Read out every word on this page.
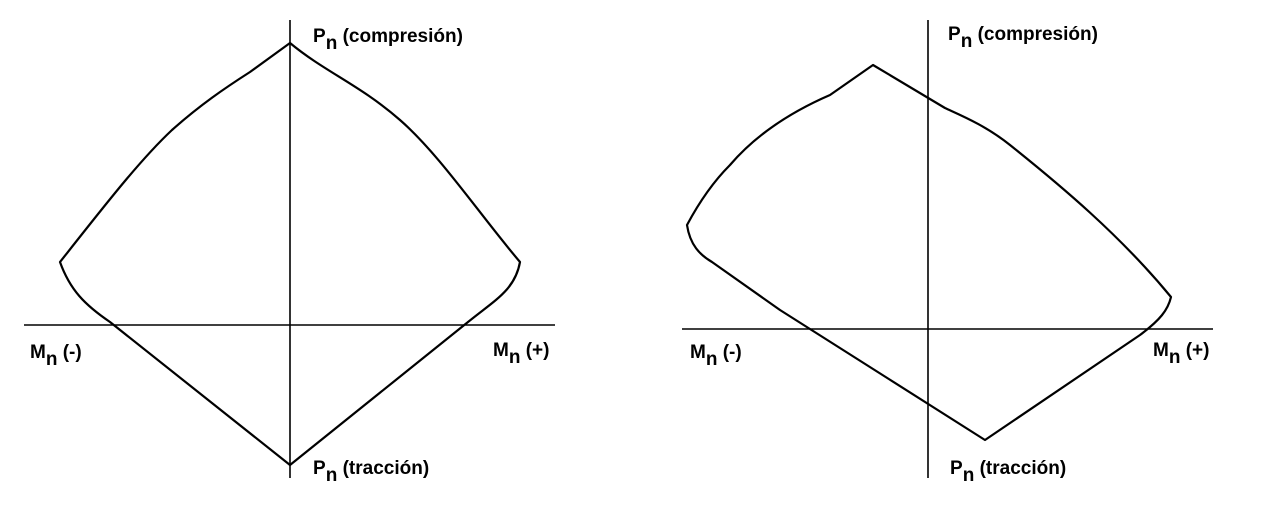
Pn (compresión)
Pn (tracción)
Mn (-)	Mn (+)
Pn (compresión)
Pn (tracción)
Mn (-)	Mn (+)
